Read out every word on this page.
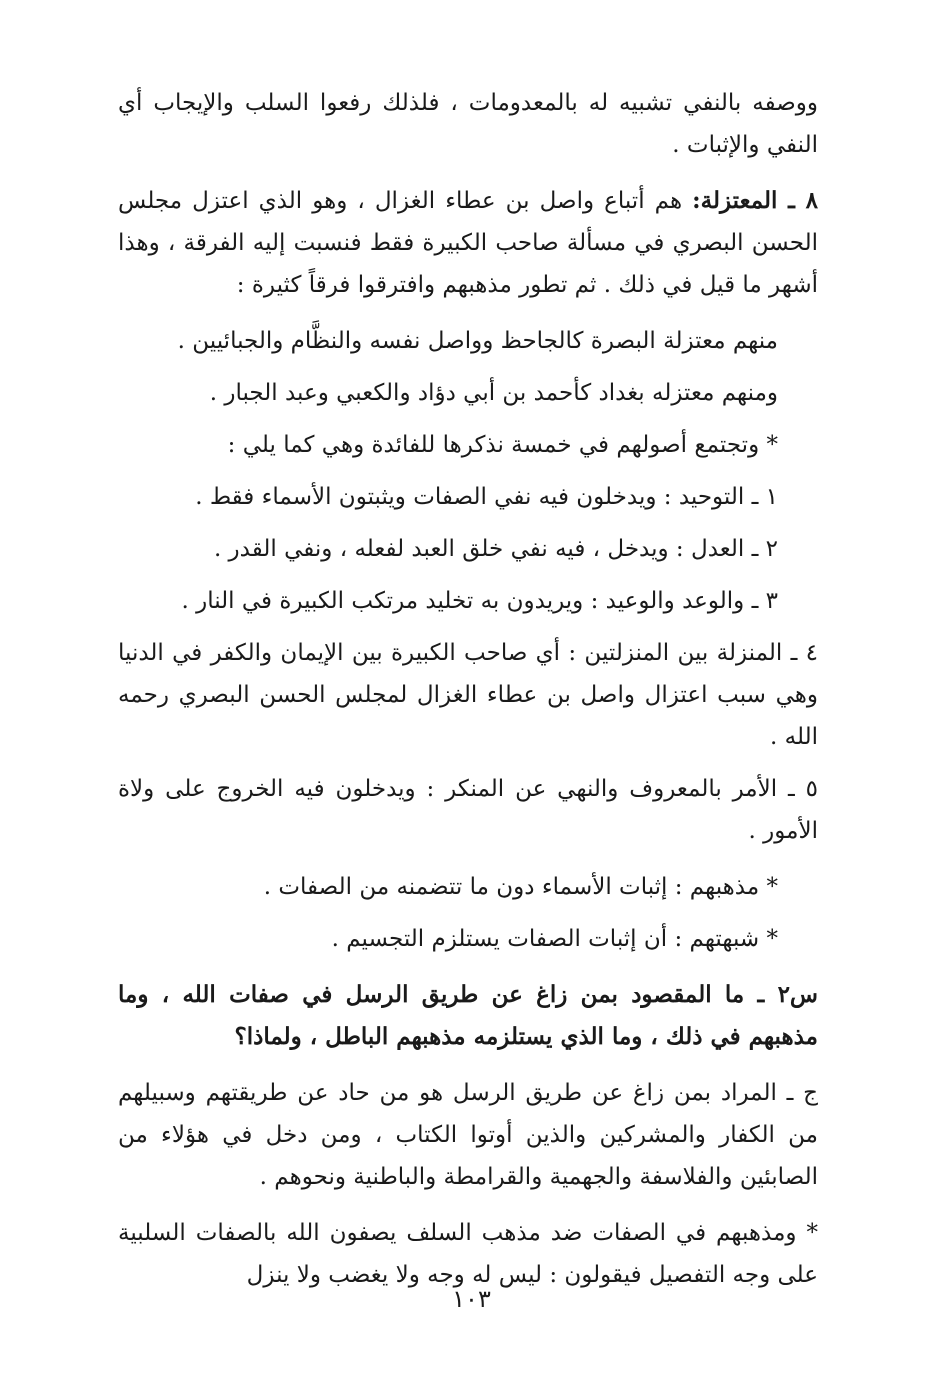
ووصفه بالنفي تشبيه له بالمعدومات ، فلذلك رفعوا السلب والإيجاب أي النفي والإثبات .

٨ ـ المعتزلة: هم أتباع واصل بن عطاء الغزال ، وهو الذي اعتزل مجلس الحسن البصري في مسألة صاحب الكبيرة فقط فنسبت إليه الفرقة ، وهذا أشهر ما قيل في ذلك . ثم تطور مذهبهم وافترقوا فرقاً كثيرة :

منهم معتزلة البصرة كالجاحظ وواصل نفسه والنظَّام والجبائيين .

ومنهم معتزله بغداد كأحمد بن أبي دؤاد والكعبي وعبد الجبار .

* وتجتمع أصولهم في خمسة نذكرها للفائدة وهي كما يلي :

١ ـ التوحيد : ويدخلون فيه نفي الصفات ويثبتون الأسماء فقط .

٢ ـ العدل : ويدخل ، فيه نفي خلق العبد لفعله ، ونفي القدر .

٣ ـ والوعد والوعيد : ويريدون به تخليد مرتكب الكبيرة في النار .

٤ ـ المنزلة بين المنزلتين : أي صاحب الكبيرة بين الإيمان والكفر في الدنيا وهي سبب اعتزال واصل بن عطاء الغزال لمجلس الحسن البصري رحمه الله .

٥ ـ الأمر بالمعروف والنهي عن المنكر : ويدخلون فيه الخروج على ولاة الأمور .

* مذهبهم : إثبات الأسماء دون ما تتضمنه من الصفات .

* شبهتهم : أن إثبات الصفات يستلزم التجسيم .

س٢ ـ ما المقصود بمن زاغ عن طريق الرسل في صفات الله ، وما مذهبهم في ذلك ، وما الذي يستلزمه مذهبهم الباطل ، ولماذا؟

ج ـ المراد بمن زاغ عن طريق الرسل هو من حاد عن طريقتهم وسبيلهم من الكفار والمشركين والذين أوتوا الكتاب ، ومن دخل في هؤلاء من الصابئين والفلاسفة والجهمية والقرامطة والباطنية ونحوهم .

* ومذهبهم في الصفات ضد مذهب السلف يصفون الله بالصفات السلبية على وجه التفصيل فيقولون : ليس له وجه ولا يغضب ولا ينزل

١٠٣
